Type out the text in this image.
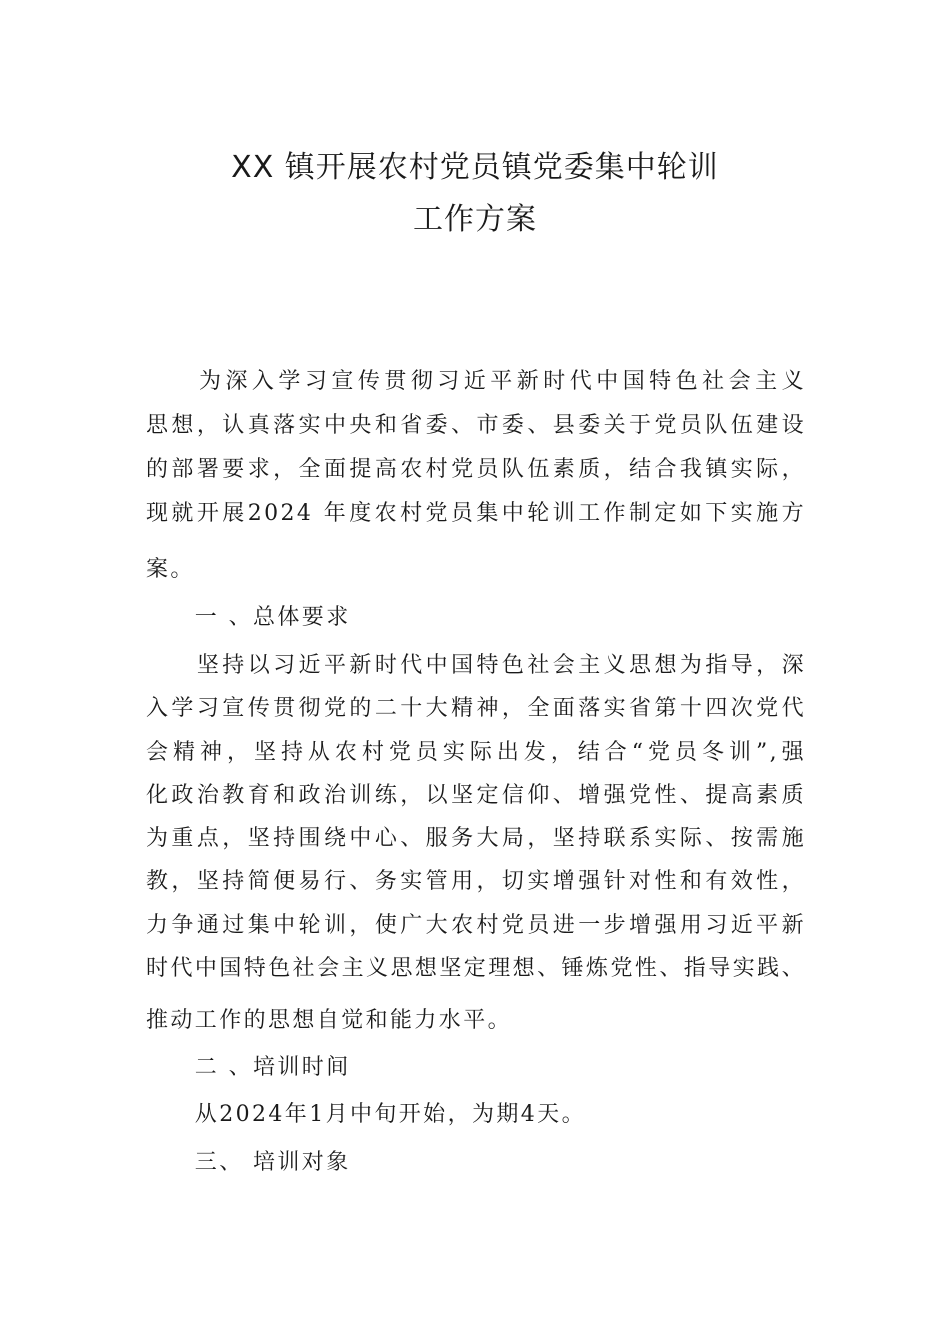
XX 镇开展农村党员镇党委集中轮训
工作方案
　　为深入学习宣传贯彻习近平新时代中国特色社会主义
思想，认真落实中央和省委、市委、县委关于党员队伍建设
的部署要求，全面提高农村党员队伍素质，结合我镇实际，
现就开展2024 年度农村党员集中轮训工作制定如下实施方
案。
　　一 、总体要求
　　坚持以习近平新时代中国特色社会主义思想为指导，深
入学习宣传贯彻党的二十大精神，全面落实省第十四次党代
会精神，坚持从农村党员实际出发，结合“党员冬训”,强
化政治教育和政治训练，以坚定信仰、增强党性、提高素质
为重点，坚持围绕中心、服务大局，坚持联系实际、按需施
教，坚持简便易行、务实管用，切实增强针对性和有效性，
力争通过集中轮训，使广大农村党员进一步增强用习近平新
时代中国特色社会主义思想坚定理想、锤炼党性、指导实践、
推动工作的思想自觉和能力水平。
　　二 、培训时间
　　从2024年1月中旬开始，为期4天。
　　三、 培训对象
